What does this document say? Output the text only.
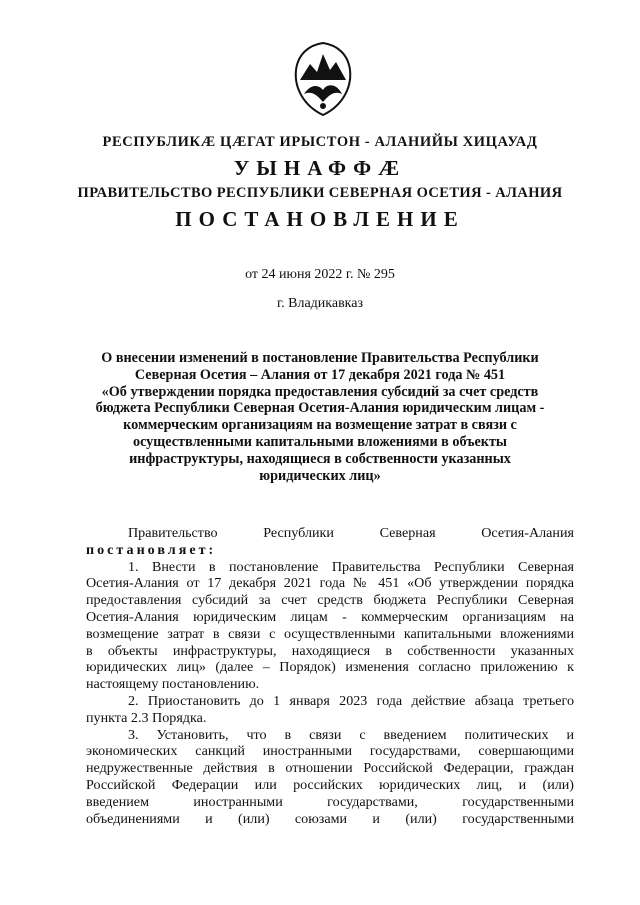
РЕСПУБЛИКӔ ЦӔГАТ ИРЫСТОН - АЛАНИЙЫ ХИЦАУАД
УЫНАФФӔ
ПРАВИТЕЛЬСТВО РЕСПУБЛИКИ СЕВЕРНАЯ ОСЕТИЯ - АЛАНИЯ
ПОСТАНОВЛЕНИЕ
от 24 июня 2022 г. № 295
г. Владикавказ
О внесении изменений в постановление Правительства Республики
Северная Осетия – Алания от 17 декабря 2021 года № 451
«Об утверждении порядка предоставления субсидий за счет средств
бюджета Республики Северная Осетия-Алания юридическим лицам -
коммерческим организациям на возмещение затрат в связи с
осуществленными капитальными вложениями в объекты
инфраструктуры, находящиеся в собственности указанных
юридических лиц»
Правительство Республики Северная Осетия-Алания
постановляет:
1. Внести в постановление Правительства Республики Северная
Осетия-Алания от 17 декабря 2021 года № 451 «Об утверждении порядка
предоставления субсидий за счет средств бюджета Республики Северная
Осетия-Алания юридическим лицам - коммерческим организациям на
возмещение затрат в связи с осуществленными капитальными вложениями
в объекты инфраструктуры, находящиеся в собственности указанных
юридических лиц» (далее – Порядок) изменения согласно приложению к
настоящему постановлению.
2. Приостановить до 1 января 2023 года действие абзаца третьего
пункта 2.3 Порядка.
3. Установить, что в связи с введением политических и
экономических санкций иностранными государствами, совершающими
недружественные действия в отношении Российской Федерации, граждан
Российской Федерации или российских юридических лиц, и (или)
введением иностранными государствами, государственными
объединениями и (или) союзами и (или) государственными
